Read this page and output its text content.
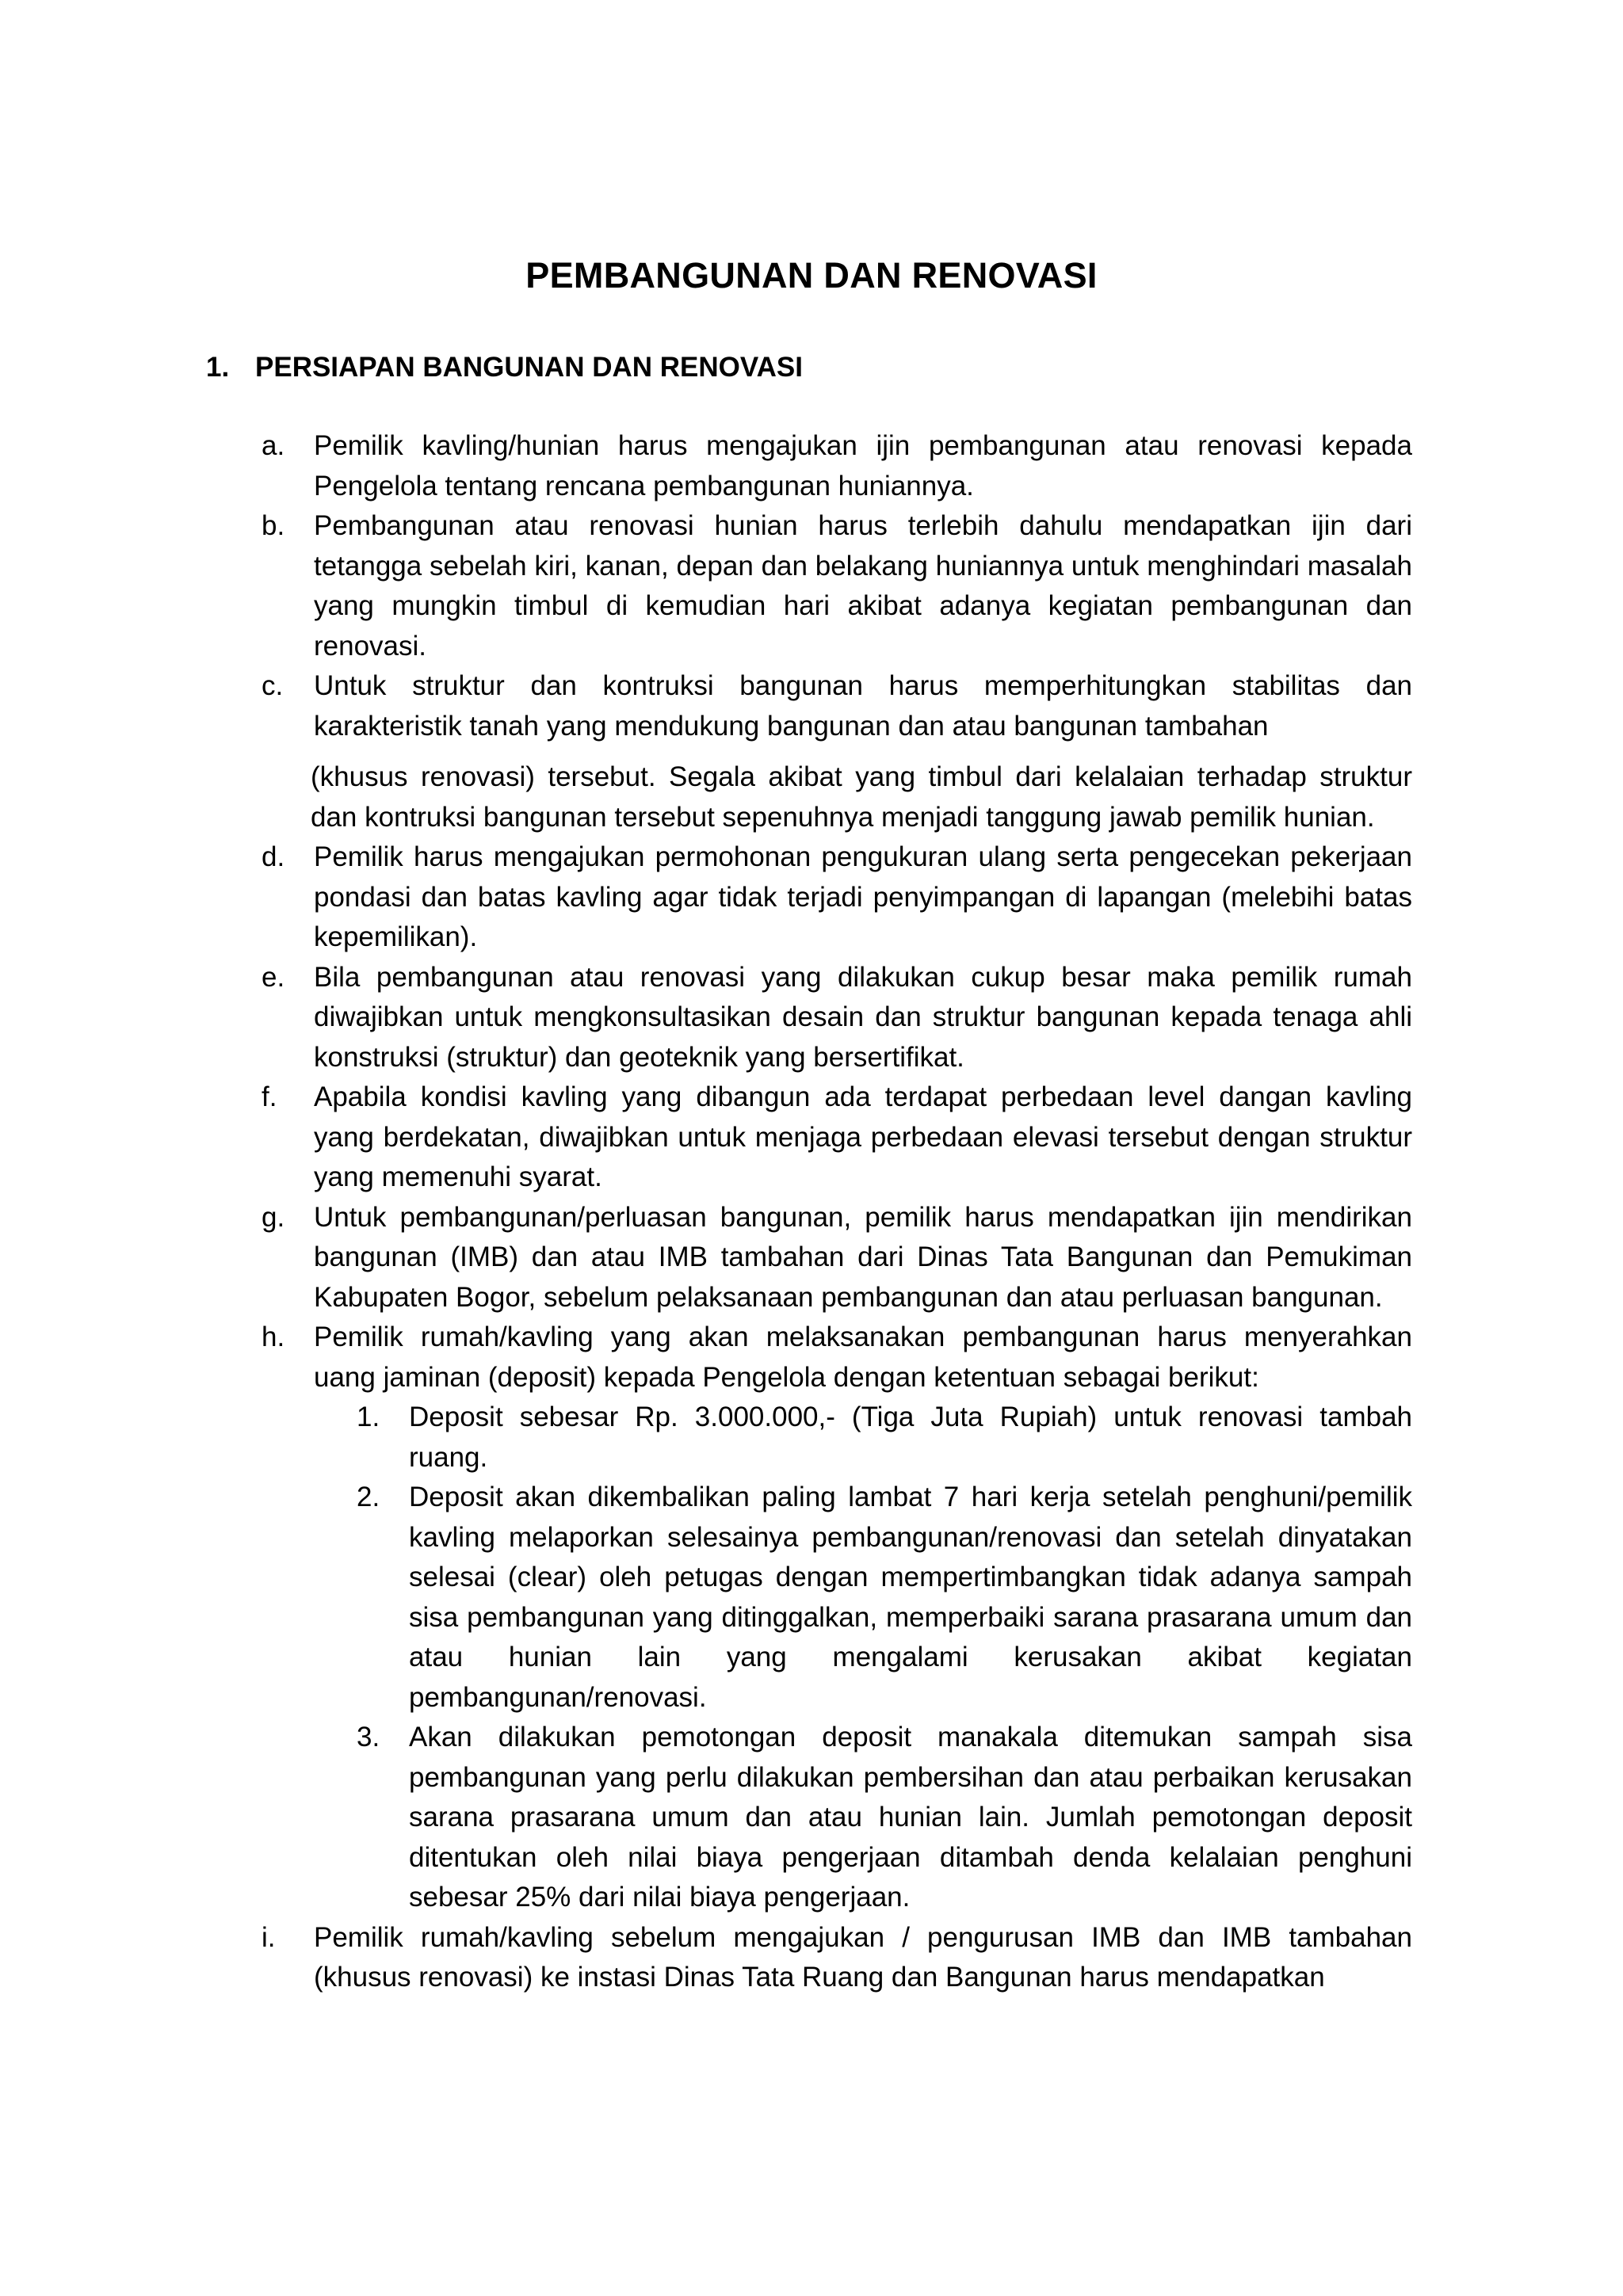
PEMBANGUNAN DAN RENOVASI
1. PERSIAPAN BANGUNAN DAN RENOVASI
a. Pemilik kavling/hunian harus mengajukan ijin pembangunan atau renovasi kepada Pengelola tentang rencana pembangunan huniannya.
b. Pembangunan atau renovasi hunian harus terlebih dahulu mendapatkan ijin dari tetangga sebelah kiri, kanan, depan dan belakang huniannya untuk menghindari masalah yang mungkin timbul di kemudian hari akibat adanya kegiatan pembangunan dan renovasi.
c. Untuk struktur dan kontruksi bangunan harus memperhitungkan stabilitas dan karakteristik tanah yang mendukung bangunan dan atau bangunan tambahan
(khusus renovasi) tersebut. Segala akibat yang timbul dari kelalaian terhadap struktur dan kontruksi bangunan tersebut sepenuhnya menjadi tanggung jawab pemilik hunian.
d. Pemilik harus mengajukan permohonan pengukuran ulang serta pengecekan pekerjaan pondasi dan batas kavling agar tidak terjadi penyimpangan di lapangan (melebihi batas kepemilikan).
e. Bila pembangunan atau renovasi yang dilakukan cukup besar maka pemilik rumah diwajibkan untuk mengkonsultasikan desain dan struktur bangunan kepada tenaga ahli konstruksi (struktur) dan geoteknik yang bersertifikat.
f. Apabila kondisi kavling yang dibangun ada terdapat perbedaan level dangan kavling yang berdekatan, diwajibkan untuk menjaga perbedaan elevasi tersebut dengan struktur yang memenuhi syarat.
g. Untuk pembangunan/perluasan bangunan, pemilik harus mendapatkan ijin mendirikan bangunan (IMB) dan atau IMB tambahan dari Dinas Tata Bangunan dan Pemukiman Kabupaten Bogor, sebelum pelaksanaan pembangunan dan atau perluasan bangunan.
h. Pemilik rumah/kavling yang akan melaksanakan pembangunan harus menyerahkan uang jaminan (deposit) kepada Pengelola dengan ketentuan sebagai berikut:
1. Deposit sebesar Rp. 3.000.000,- (Tiga Juta Rupiah) untuk renovasi tambah ruang.
2. Deposit akan dikembalikan paling lambat 7 hari kerja setelah penghuni/pemilik kavling melaporkan selesainya pembangunan/renovasi dan setelah dinyatakan selesai (clear) oleh petugas dengan mempertimbangkan tidak adanya sampah sisa pembangunan yang ditinggalkan, memperbaiki sarana prasarana umum dan atau hunian lain yang mengalami kerusakan akibat kegiatan pembangunan/renovasi.
3. Akan dilakukan pemotongan deposit manakala ditemukan sampah sisa pembangunan yang perlu dilakukan pembersihan dan atau perbaikan kerusakan sarana prasarana umum dan atau hunian lain. Jumlah pemotongan deposit ditentukan oleh nilai biaya pengerjaan ditambah denda kelalaian penghuni sebesar 25% dari nilai biaya pengerjaan.
i. Pemilik rumah/kavling sebelum mengajukan / pengurusan IMB dan IMB tambahan (khusus renovasi) ke instasi Dinas Tata Ruang dan Bangunan harus mendapatkan
